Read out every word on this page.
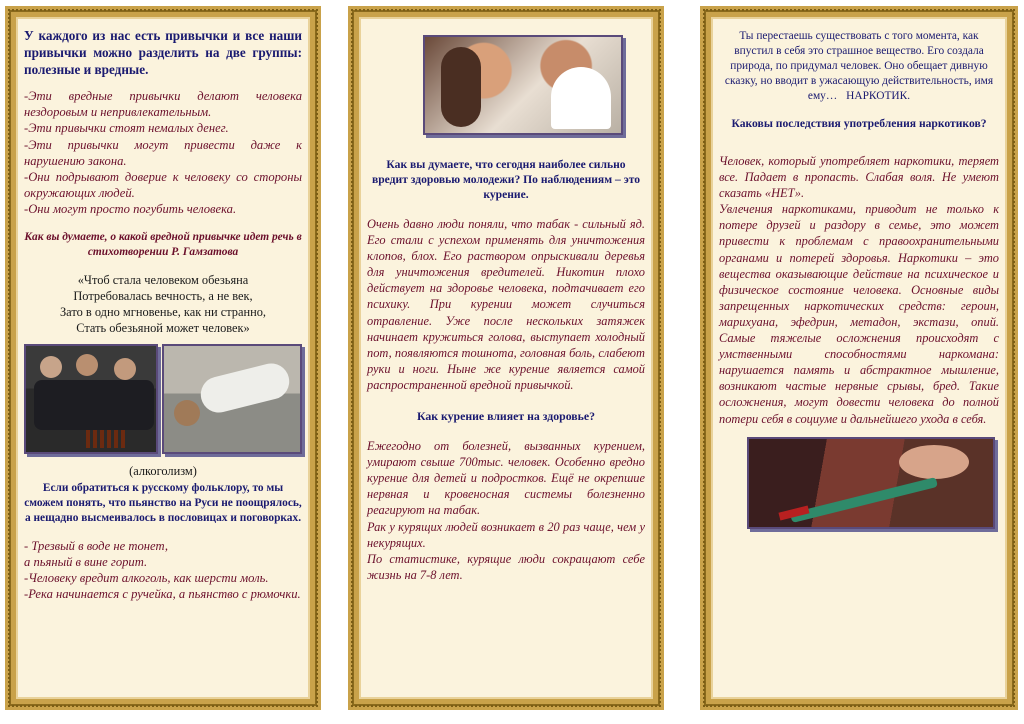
У каждого из нас есть привычки и все наши привычки можно разделить на две группы: полезные и вредные.

-Эти вредные привычки делают человека нездоровым и непривлекательным.

-Эти привычки стоят немалых денег.

-Эти привычки могут привести даже к нарушению закона.

-Они подрывают доверие к человеку со стороны окружающих людей.

-Они могут просто погубить человека.

Как вы думаете, о какой вредной привычке идет речь в стихотворении Р. Гамзатова

«Чтоб стала человеком обезьяна

Потребовалась вечность, а не век,

Зато в одно мгновенье, как ни странно,

Стать обезьяной может человек»

(алкоголизм)

Если обратиться к русскому фольклору, то мы сможем понять, что пьянство на Руси не поощрялось, а нещадно высмеивалось в пословицах и поговорках.

- Трезвый в воде не тонет,

а пьяный в вине горит.

-Человеку вредит алкоголь, как шерсти моль.

-Река начинается с ручейка, а пьянство с рюмочки.

Как вы думаете, что сегодня наиболее сильно вредит здоровью молодежи? По наблюдениям – это курение.

Очень давно люди поняли, что табак - сильный яд. Его стали с успехом применять для уничтожения клопов, блох. Его раствором опрыскивали деревья для уничтожения вредителей. Никотин плохо действует на здоровье человека, подтачивает его психику. При курении может случиться отравление. Уже после нескольких затяжек начинает кружиться голова, выступает холодный пот, появляются тошнота, головная боль, слабеют руки и ноги. Ныне же курение является самой распространенной вредной привычкой.

Как курение влияет на здоровье?

Ежегодно от болезней, вызванных курением, умирают свыше 700тыс. человек. Особенно вредно курение для детей и подростков. Ещё не окрепшие нервная и кровеносная системы болезненно реагируют на табак.

Рак у курящих людей возникает в 20 раз чаще, чем у некурящих.

По статистике, курящие люди сокращают себе жизнь на 7-8 лет.

Ты перестаешь существовать с того момента, как впустил в себя это страшное вещество. Его создала природа, по придумал человек. Оно обещает дивную сказку, но вводит в ужасающую действительность, имя ему… НАРКОТИК.

Каковы последствия употребления наркотиков?

Человек, который употребляет наркотики, теряет все. Падает в пропасть. Слабая воля. Не умеют сказать «НЕТ».

Увлечения наркотиками, приводит не только к потере друзей и раздору в семье, это может привести к проблемам с правоохранительными органами и потерей здоровья. Наркотики – это вещества оказывающие действие на психическое и физическое состояние человека. Основные виды запрещенных наркотических средств: героин, марихуана, эфедрин, метадон, экстази, опий. Самые тяжелые осложнения происходят с умственными способностями наркомана: нарушается память и абстрактное мышление, возникают частые нервные срывы, бред. Такие осложнения, могут довести человека до полной потери себя в социуме и дальнейшего ухода в себя.
